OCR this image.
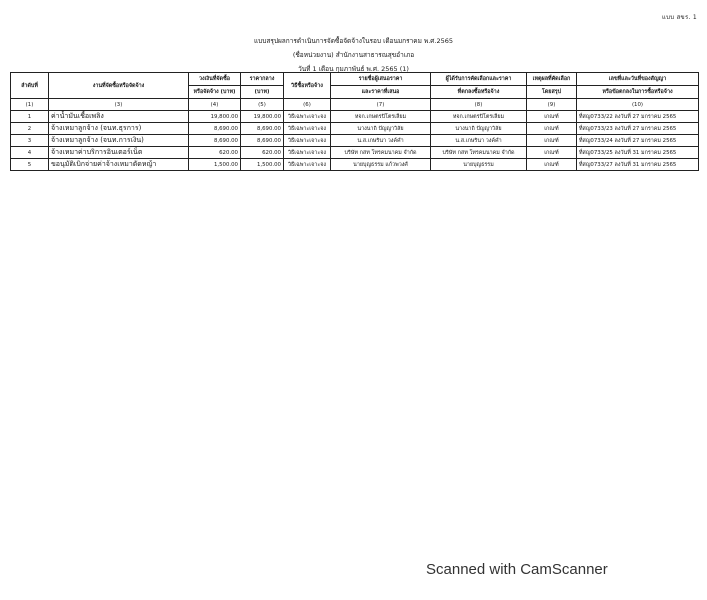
แบบ สขร. 1
แบบสรุปผลการดำเนินการจัดซื้อจัดจ้างในรอบ เดือนมกราคม พ.ศ.2565
(ชื่อหน่วยงาน) สำนักงานสาธารณสุขอำเภอ
วันที่ 1 เดือน กุมภาพันธ์ พ.ศ. 2565 (1)
ลำดับที่	งานที่จัดซื้อหรือจัดจ้าง	วงเงินที่จัดซื้อ	ราคากลาง	วิธีซื้อหรือจ้าง	รายชื่อผู้เสนอราคา	ผู้ได้รับการคัดเลือกและราคา	เหตุผลที่คัดเลือก	เลขที่และวันที่ของสัญญา
		หรือจัดจ้าง (บาท)	(บาท)		และราคาที่เสนอ	ที่ตกลงซื้อหรือจ้าง	โดยสรุป	หรือข้อตกลงในการซื้อหรือจ้าง
(1)	(3)	(4)	(5)	(6)	(7)	(8)	(9)	(10)
1	ค่าน้ำมันเชื้อเพลิง	19,800.00	19,800.00	วิธีเฉพาะเจาะจง	หจก.เกษตรปิโตรเลียม	หจก.เกษตรปิโตรเลียม	เกณฑ์	ที่สญ0733/22 ลงวันที่ 27 มกราคม 2565
2	จ้างเหมาลูกจ้าง (จนท.ธุรการ)	8,690.00	8,690.00	วิธีเฉพาะเจาะจง	นางนาถิ ปัญญาวิลัย	นางนาถิ ปัญญาวิลัย	เกณฑ์	ที่สญ0733/23 ลงวันที่ 27 มกราคม 2565
3	จ้างเหมาลูกจ้าง (จนท.การเงิน)	8,690.00	8,690.00	วิธีเฉพาะเจาะจง	น.ส.เกษรินา วงค์คำ	น.ส.เกษรินา วงค์คำ	เกณฑ์	ที่สญ0733/24 ลงวันที่ 27 มกราคม 2565
4	จ้างเหมาค่าบริการอินเตอร์เน็ต	620.00	620.00	วิธีเฉพาะเจาะจง	บริษัท กสท โทรคมนาคม จำกัด	บริษัท กสท โทรคมนาคม จำกัด	เกณฑ์	ที่สญ0733/25 ลงวันที่ 31 มกราคม 2565
5	ขอนุมัติเบิกจ่ายค่าจ้างเหมาตัดหญ้า	1,500.00	1,500.00	วิธีเฉพาะเจาะจง	นายบุญธรรม แก้วพวงศ์	นายบุญธรรม	เกณฑ์	ที่สญ0733/27 ลงวันที่ 31 มกราคม 2565
Scanned with CamScanner
